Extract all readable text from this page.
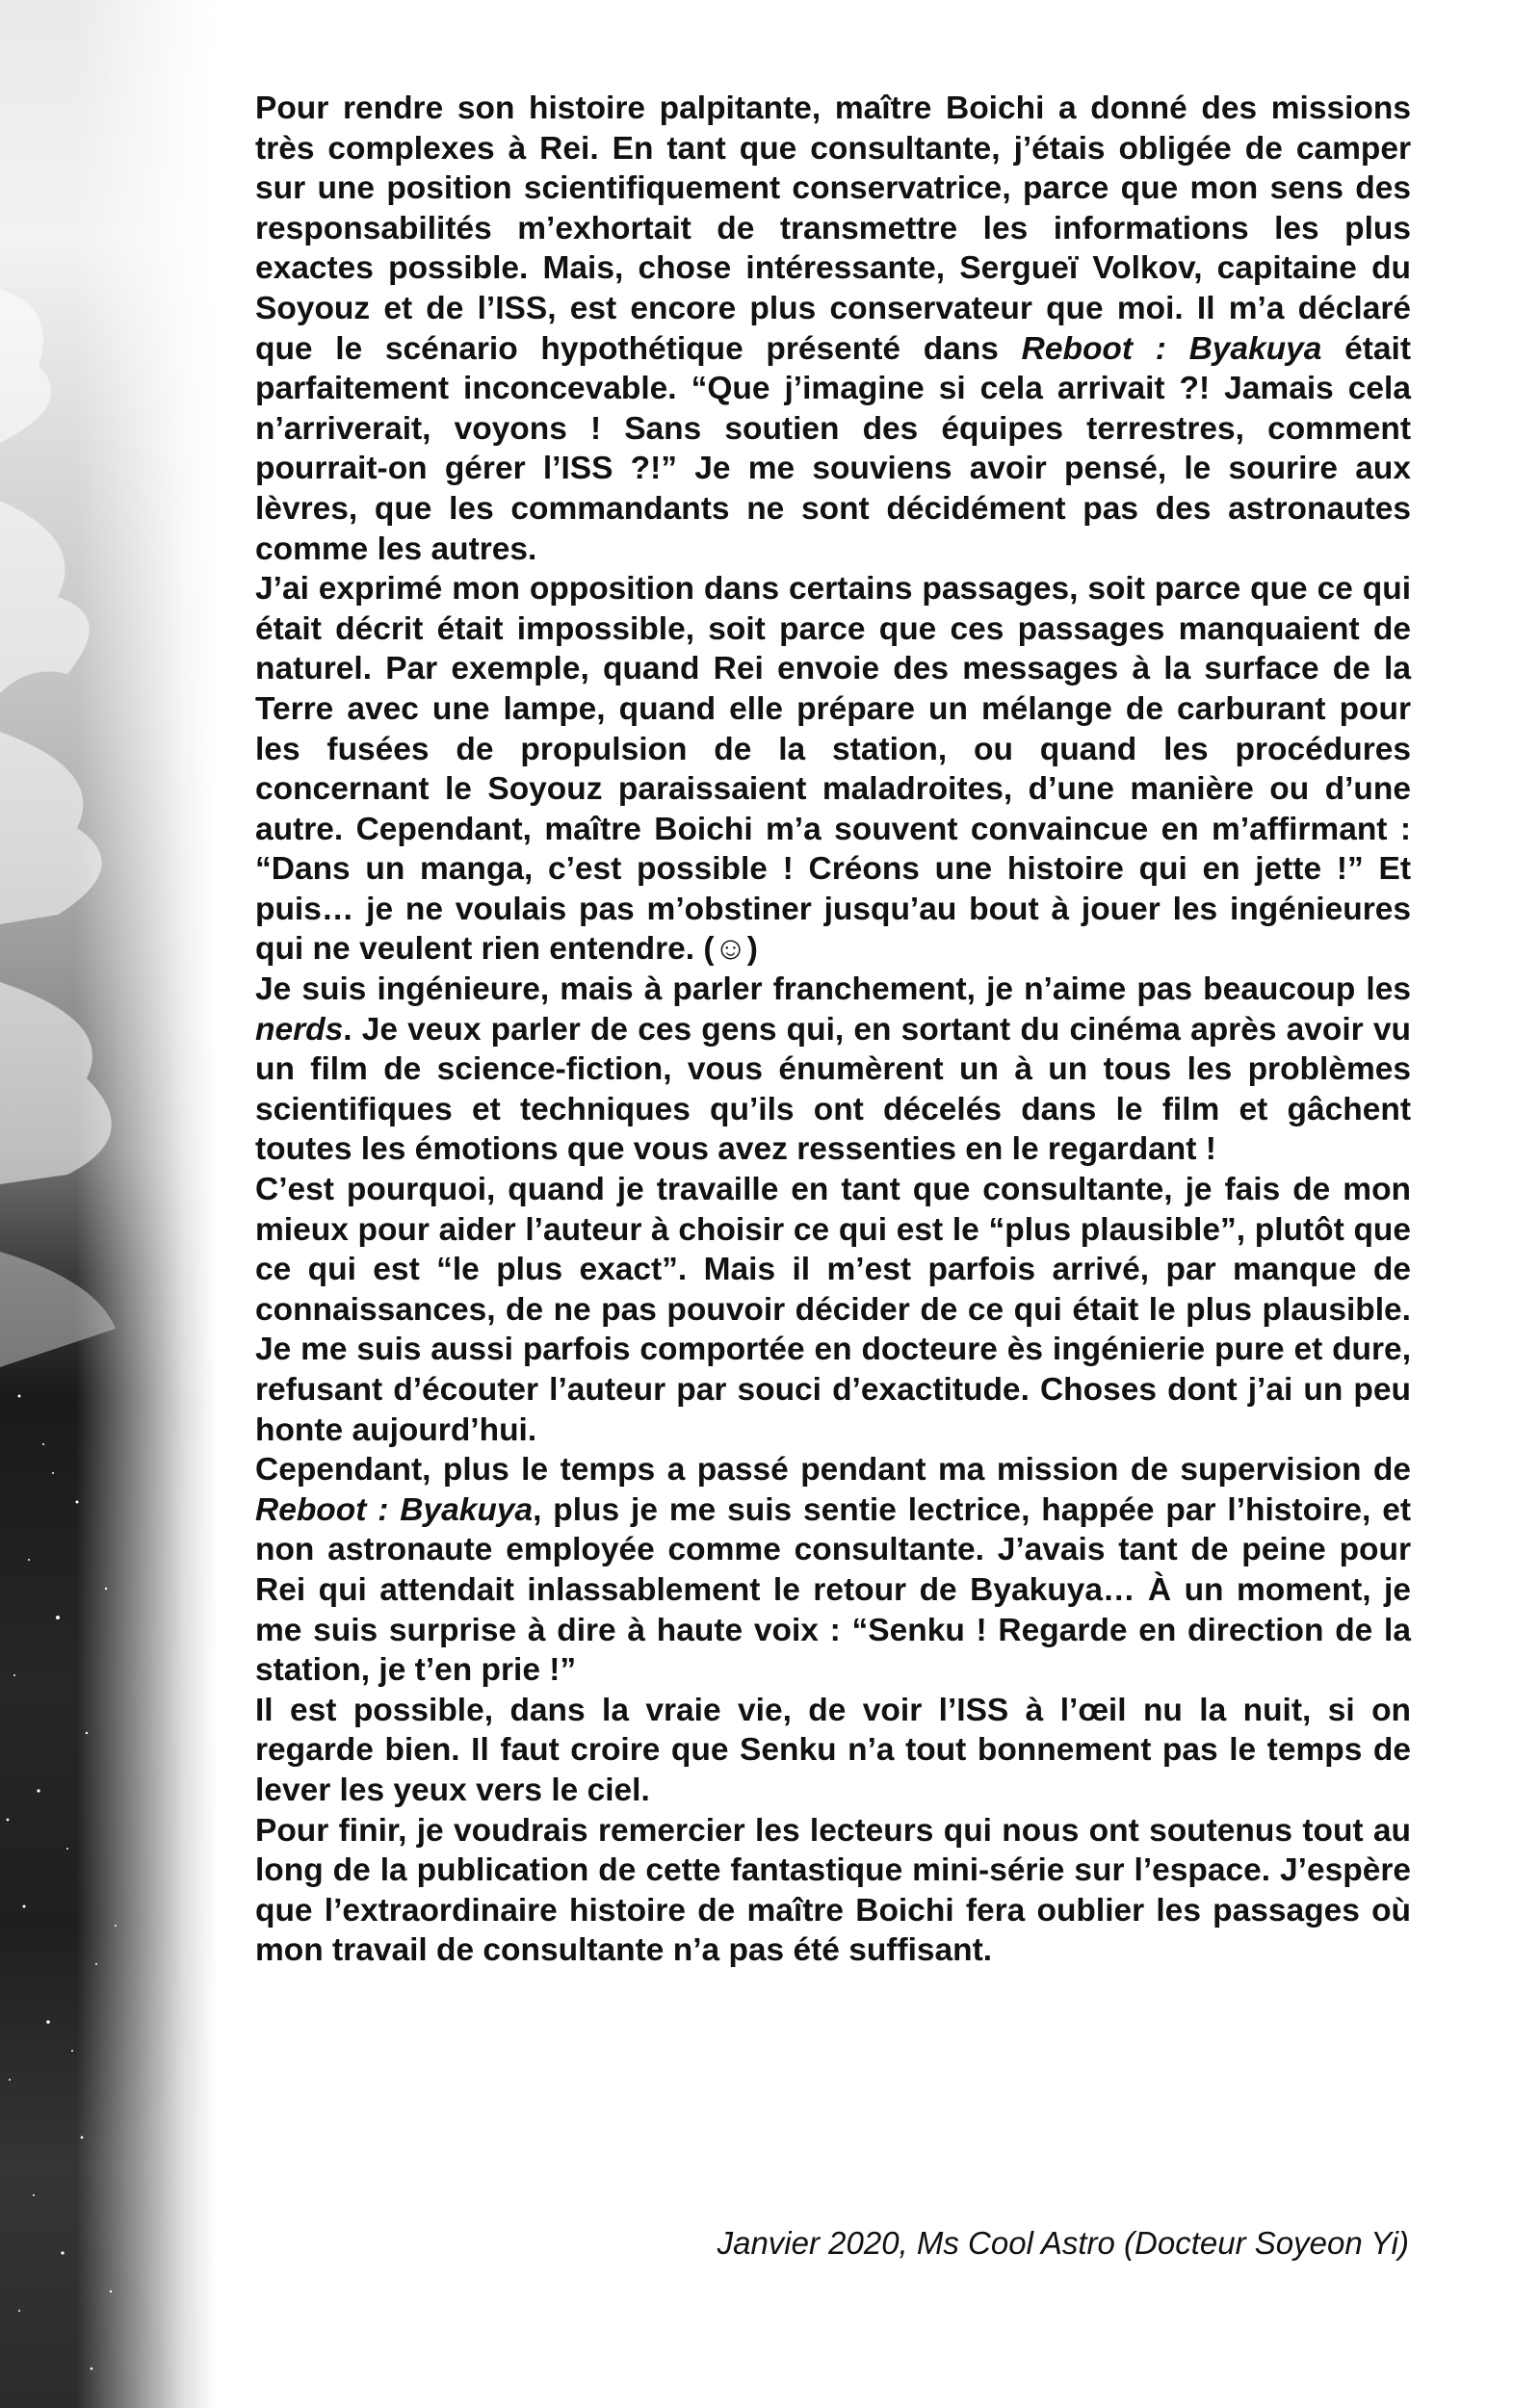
Pour rendre son histoire palpitante, maître Boichi a donné des missions très complexes à Rei. En tant que consultante, j’étais obligée de camper sur une position scientifiquement conservatrice, parce que mon sens des responsabilités m’exhortait de transmettre les informations les plus exactes possible. Mais, chose intéressante, Sergueï Volkov, capitaine du Soyouz et de l’ISS, est encore plus conservateur que moi. Il m’a déclaré que le scénario hypothétique présenté dans Reboot : Byakuya était parfaitement inconcevable. “Que j’imagine si cela arrivait ?! Jamais cela n’arriverait, voyons ! Sans soutien des équipes terrestres, comment pourrait-on gérer l’ISS ?!” Je me souviens avoir pensé, le sourire aux lèvres, que les commandants ne sont décidément pas des astronautes comme les autres.

J’ai exprimé mon opposition dans certains passages, soit parce que ce qui était décrit était impossible, soit parce que ces passages manquaient de naturel. Par exemple, quand Rei envoie des messages à la surface de la Terre avec une lampe, quand elle prépare un mélange de carburant pour les fusées de propulsion de la station, ou quand les procédures concernant le Soyouz paraissaient maladroites, d’une manière ou d’une autre. Cependant, maître Boichi m’a souvent convaincue en m’affirmant : “Dans un manga, c’est possible ! Créons une histoire qui en jette !” Et puis… je ne voulais pas m’obstiner jusqu’au bout à jouer les ingénieures qui ne veulent rien entendre. (☺)

Je suis ingénieure, mais à parler franchement, je n’aime pas beaucoup les nerds. Je veux parler de ces gens qui, en sortant du cinéma après avoir vu un film de science-fiction, vous énumèrent un à un tous les problèmes scientifiques et techniques qu’ils ont décelés dans le film et gâchent toutes les émotions que vous avez ressenties en le regardant !

C’est pourquoi, quand je travaille en tant que consultante, je fais de mon mieux pour aider l’auteur à choisir ce qui est le “plus plausible”, plutôt que ce qui est “le plus exact”. Mais il m’est parfois arrivé, par manque de connaissances, de ne pas pouvoir décider de ce qui était le plus plausible. Je me suis aussi parfois comportée en docteure ès ingénierie pure et dure, refusant d’écouter l’auteur par souci d’exactitude. Choses dont j’ai un peu honte aujourd’hui.

Cependant, plus le temps a passé pendant ma mission de supervision de Reboot : Byakuya, plus je me suis sentie lectrice, happée par l’histoire, et non astronaute employée comme consultante. J’avais tant de peine pour Rei qui attendait inlassablement le retour de Byakuya… À un moment, je me suis surprise à dire à haute voix : “Senku ! Regarde en direction de la station, je t’en prie !”

Il est possible, dans la vraie vie, de voir l’ISS à l’œil nu la nuit, si on regarde bien. Il faut croire que Senku n’a tout bonnement pas le temps de lever les yeux vers le ciel.

Pour finir, je voudrais remercier les lecteurs qui nous ont soutenus tout au long de la publication de cette fantastique mini-série sur l’espace. J’espère que l’extraordinaire histoire de maître Boichi fera oublier les passages où mon travail de consultante n’a pas été suffisant.

Janvier 2020, Ms Cool Astro (Docteur Soyeon Yi)
